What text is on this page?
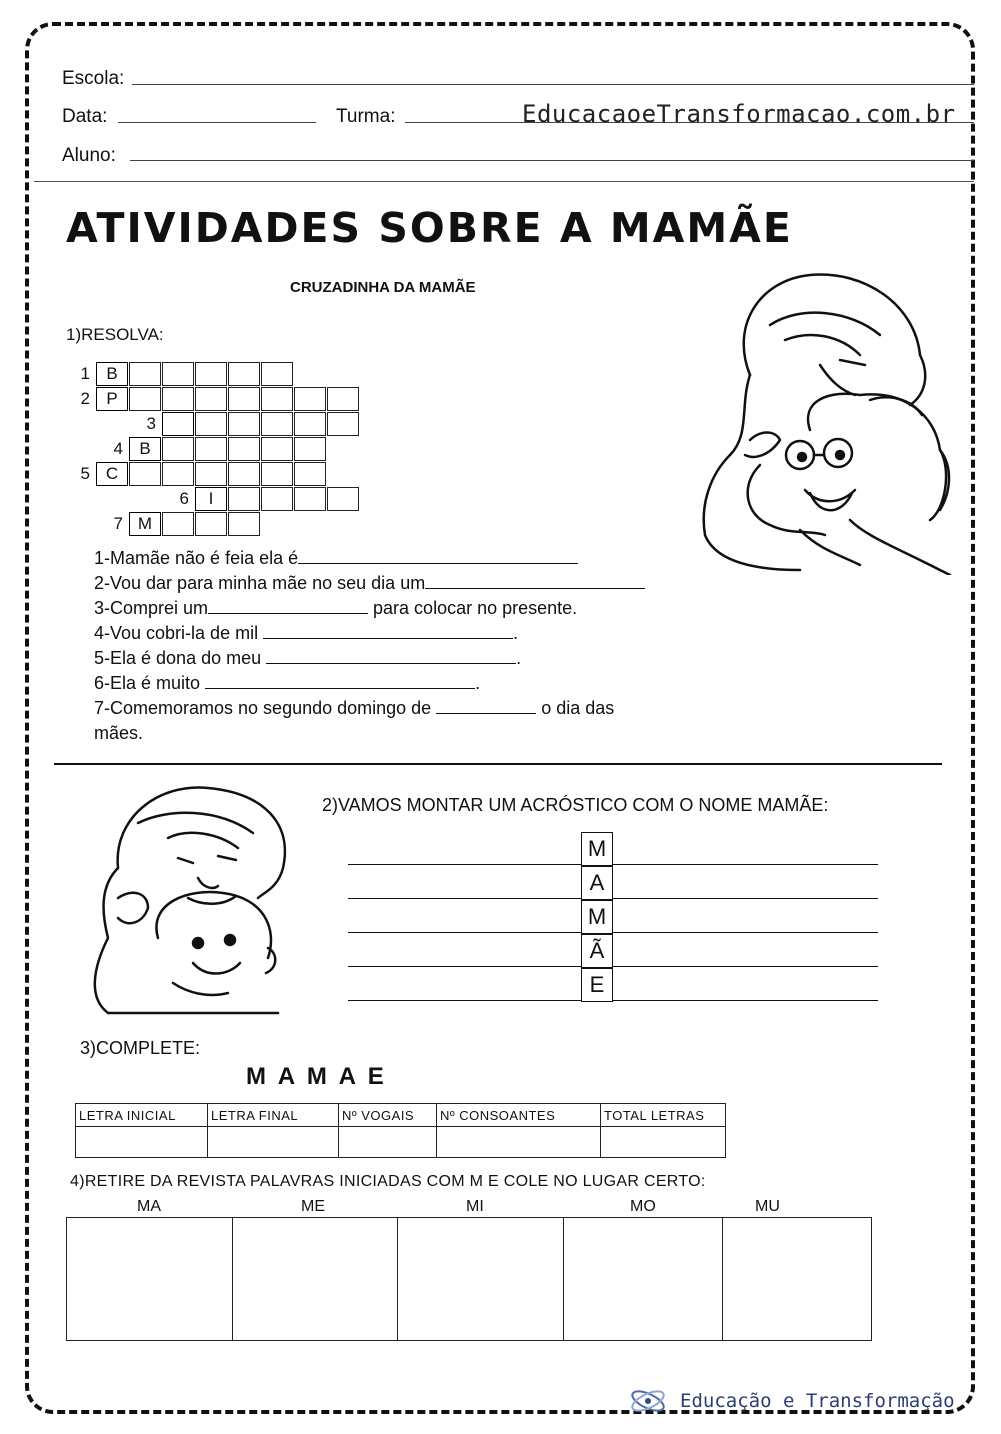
Escola:
Data:	Turma:	EducacaoeTransformacao.com.br
Aluno:
ATIVIDADES SOBRE A MAMÃE
CRUZADINHA DA MAMÃE
1)RESOLVA:
1 B
2 P
3
4 B
5 C
6	I
7 M
1-Mamãe não é feia ela é
2-Vou dar para minha mãe no seu dia um
3-Comprei um	para colocar no presente.
4-Vou cobri-la de mil	.
5-Ela é dona do meu	.
6-Ela é muito	.
7-Comemoramos no segundo domingo de	o dia das
mães.
2)VAMOS MONTAR UM ACRÓSTICO COM O NOME MAMÃE:
M
A
M
Ã
E
3)COMPLETE:
M A M A E
LETRA INICIAL	LETRA FINAL	Nº VOGAIS	Nº CONSOANTES	TOTAL LETRAS

4)RETIRE DA REVISTA PALAVRAS INICIADAS COM M E COLE NO LUGAR CERTO:
MA	ME	MI	MO	MU

Educação e Transformação
